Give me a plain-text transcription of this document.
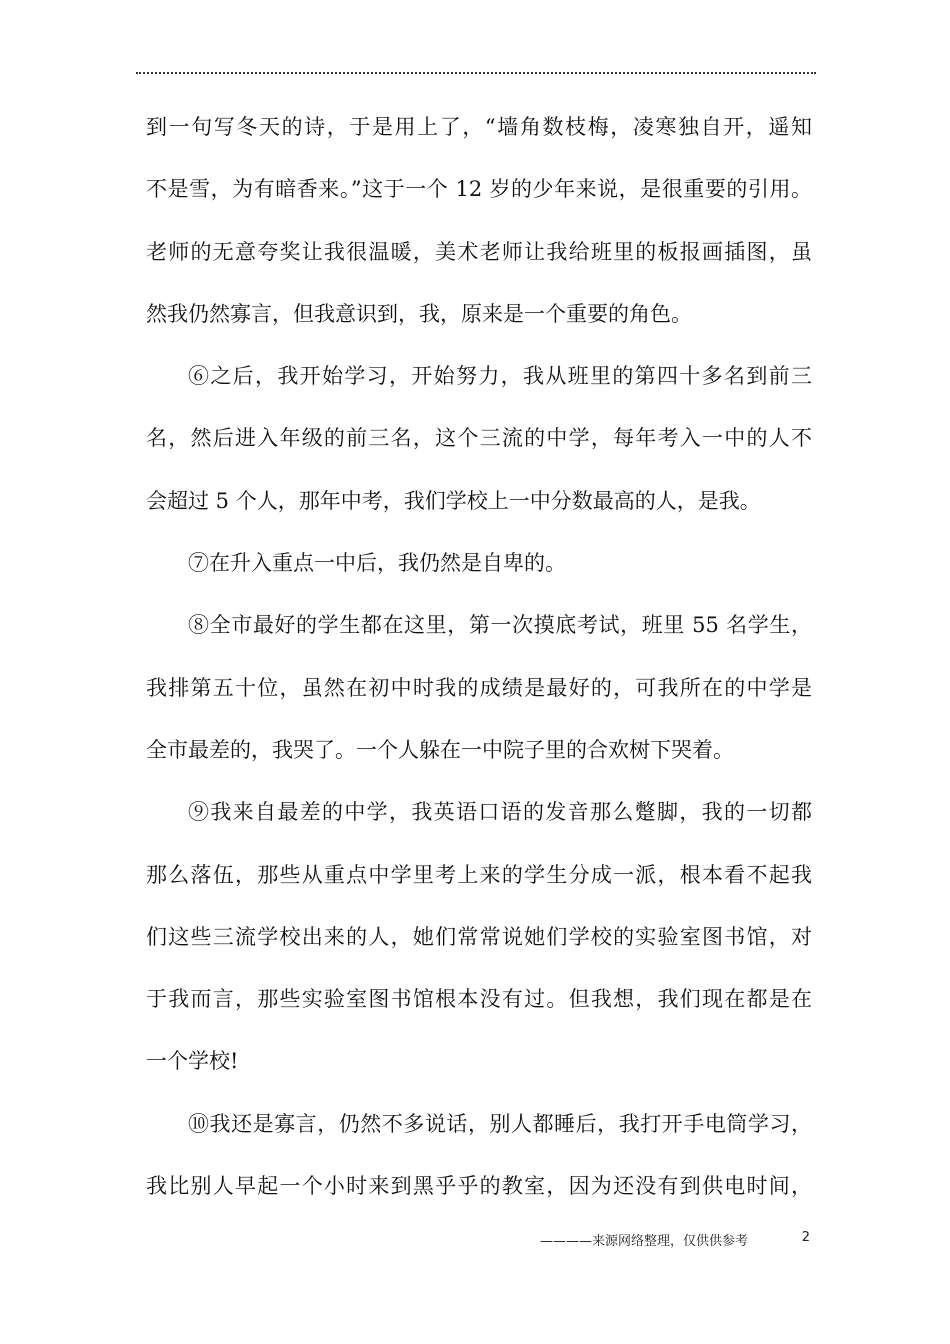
到一句写冬天的诗，于是用上了，“墙角数枝梅，凌寒独自开，遥知
不是雪，为有暗香来。”这于一个 12 岁的少年来说，是很重要的引用。
老师的无意夸奖让我很温暖，美术老师让我给班里的板报画插图，虽
然我仍然寡言，但我意识到，我，原来是一个重要的角色。
⑥之后，我开始学习，开始努力，我从班里的第四十多名到前三
名，然后进入年级的前三名，这个三流的中学，每年考入一中的人不
会超过 5 个人，那年中考，我们学校上一中分数最高的人，是我。
⑦在升入重点一中后，我仍然是自卑的。
⑧全市最好的学生都在这里，第一次摸底考试，班里 55 名学生，
我排第五十位，虽然在初中时我的成绩是最好的，可我所在的中学是
全市最差的，我哭了。一个人躲在一中院子里的合欢树下哭着。
⑨我来自最差的中学，我英语口语的发音那么蹩脚，我的一切都
那么落伍，那些从重点中学里考上来的学生分成一派，根本看不起我
们这些三流学校出来的人，她们常常说她们学校的实验室图书馆，对
于我而言，那些实验室图书馆根本没有过。但我想，我们现在都是在
一个学校!
⑩我还是寡言，仍然不多说话，别人都睡后，我打开手电筒学习，
我比别人早起一个小时来到黑乎乎的教室，因为还没有到供电时间，
————来源网络整理，仅供供参考	2
